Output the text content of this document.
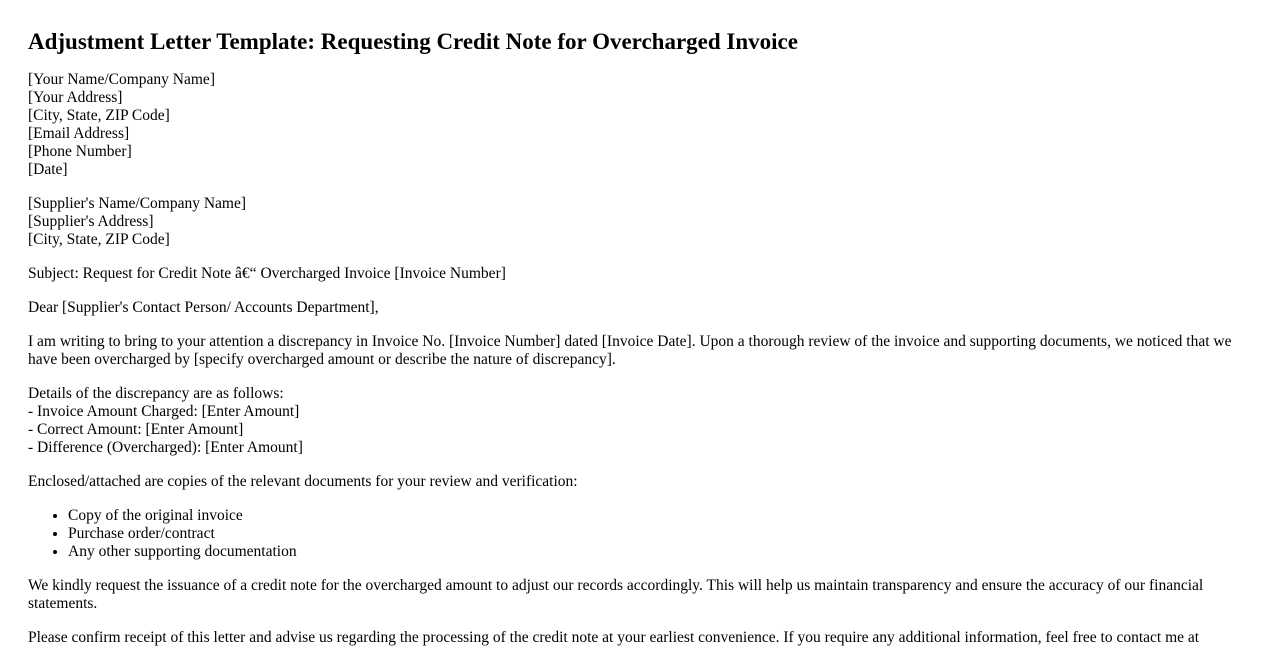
Adjustment Letter Template: Requesting Credit Note for Overcharged Invoice

[Your Name/Company Name]
[Your Address]
[City, State, ZIP Code]
[Email Address]
[Phone Number]
[Date]

[Supplier's Name/Company Name]
[Supplier's Address]
[City, State, ZIP Code]

Subject: Request for Credit Note â€“ Overcharged Invoice [Invoice Number]

Dear [Supplier's Contact Person/ Accounts Department],

I am writing to bring to your attention a discrepancy in Invoice No. [Invoice Number] dated [Invoice Date]. Upon a thorough review of the invoice and supporting documents, we noticed that we have been overcharged by [specify overcharged amount or describe the nature of discrepancy].

Details of the discrepancy are as follows:
- Invoice Amount Charged: [Enter Amount]
- Correct Amount: [Enter Amount]
- Difference (Overcharged): [Enter Amount]

Enclosed/attached are copies of the relevant documents for your review and verification:

• Copy of the original invoice
• Purchase order/contract
• Any other supporting documentation

We kindly request the issuance of a credit note for the overcharged amount to adjust our records accordingly. This will help us maintain transparency and ensure the accuracy of our financial statements.

Please confirm receipt of this letter and advise us regarding the processing of the credit note at your earliest convenience. If you require any additional information, feel free to contact me at
